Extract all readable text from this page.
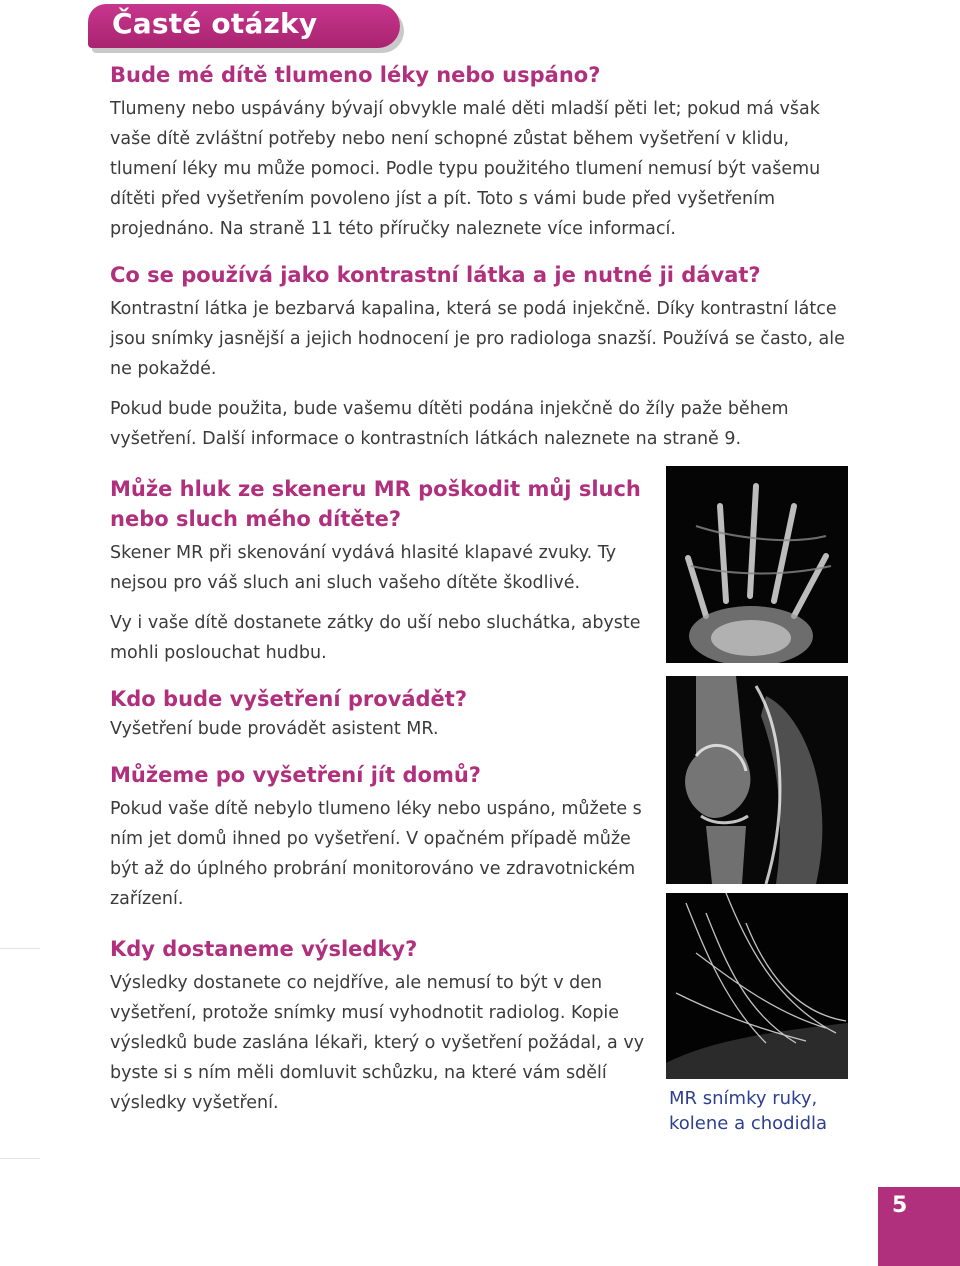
Časté otázky
Bude mé dítě tlumeno léky nebo uspáno?

Tlumeny nebo uspávány bývají obvykle malé děti mladší pěti let; pokud má však vaše dítě zvláštní potřeby nebo není schopné zůstat během vyšetření v klidu, tlumení léky mu může pomoci. Podle typu použitého tlumení nemusí být vašemu dítěti před vyšetřením povoleno jíst a pít. Toto s vámi bude před vyšetřením projednáno. Na straně 11 této příručky naleznete více informací.

Co se používá jako kontrastní látka a je nutné ji dávat?

Kontrastní látka je bezbarvá kapalina, která se podá injekčně. Díky kontrastní látce jsou snímky jasnější a jejich hodnocení je pro radiologa snazší. Používá se často, ale ne pokaždé.

Pokud bude použita, bude vašemu dítěti podána injekčně do žíly paže během vyšetření. Další informace o kontrastních látkách naleznete na straně 9.

Může hluk ze skeneru MR poškodit můj sluch nebo sluch mého dítěte?

Skener MR při skenování vydává hlasité klapavé zvuky. Ty nejsou pro váš sluch ani sluch vašeho dítěte škodlivé.

Vy i vaše dítě dostanete zátky do uší nebo sluchátka, abyste mohli poslouchat hudbu.

Kdo bude vyšetření provádět?

Vyšetření bude provádět asistent MR.

Můžeme po vyšetření jít domů?

Pokud vaše dítě nebylo tlumeno léky nebo uspáno, můžete s ním jet domů ihned po vyšetření. V opačném případě může být až do úplného probrání monitorováno ve zdravotnickém zařízení.

Kdy dostaneme výsledky?

Výsledky dostanete co nejdříve, ale nemusí to být v den vyšetření, protože snímky musí vyhodnotit radiolog. Kopie výsledků bude zaslána lékaři, který o vyšetření požádal, a vy byste si s ním měli domluvit schůzku, na které vám sdělí výsledky vyšetření.	MR snímky ruky, kolene a chodidla
5
